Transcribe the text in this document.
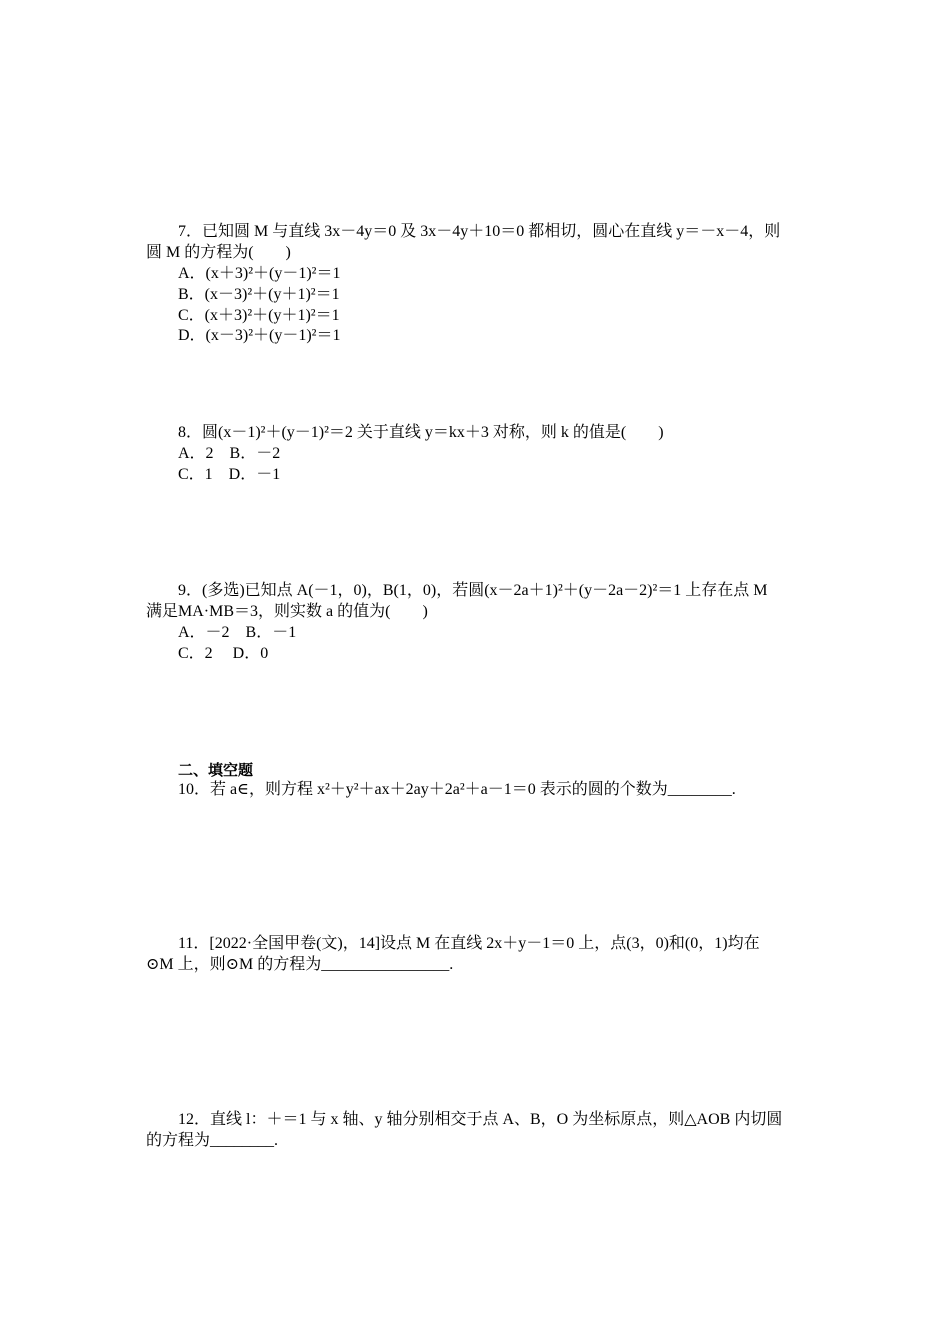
7．已知圆 M 与直线 3x－4y＝0 及 3x－4y＋10＝0 都相切，圆心在直线 y＝－x－4，则
圆 M 的方程为(　　)
A．(x＋3)²＋(y－1)²＝1
B．(x－3)²＋(y＋1)²＝1
C．(x＋3)²＋(y＋1)²＝1
D．(x－3)²＋(y－1)²＝1
8．圆(x－1)²＋(y－1)²＝2 关于直线 y＝kx＋3 对称，则 k 的值是(　　)
A．2　B．－2
C．1　D．－1
9．(多选)已知点 A(－1，0)，B(1，0)，若圆(x－2a＋1)²＋(y－2a－2)²＝1 上存在点 M
满足MA·MB＝3，则实数 a 的值为(　　)
A．－2　B．－1
C．2　 D．0
二、填空题
10．若 a∈，则方程 x²＋y²＋ax＋2ay＋2a²＋a－1＝0 表示的圆的个数为________.
11．[2022·全国甲卷(文)，14]设点 M 在直线 2x＋y－1＝0 上，点(3，0)和(0，1)均在
⊙M 上，则⊙M 的方程为________________.
12．直线 l：＋＝1 与 x 轴、y 轴分别相交于点 A、B，O 为坐标原点，则△AOB 内切圆
的方程为________.
